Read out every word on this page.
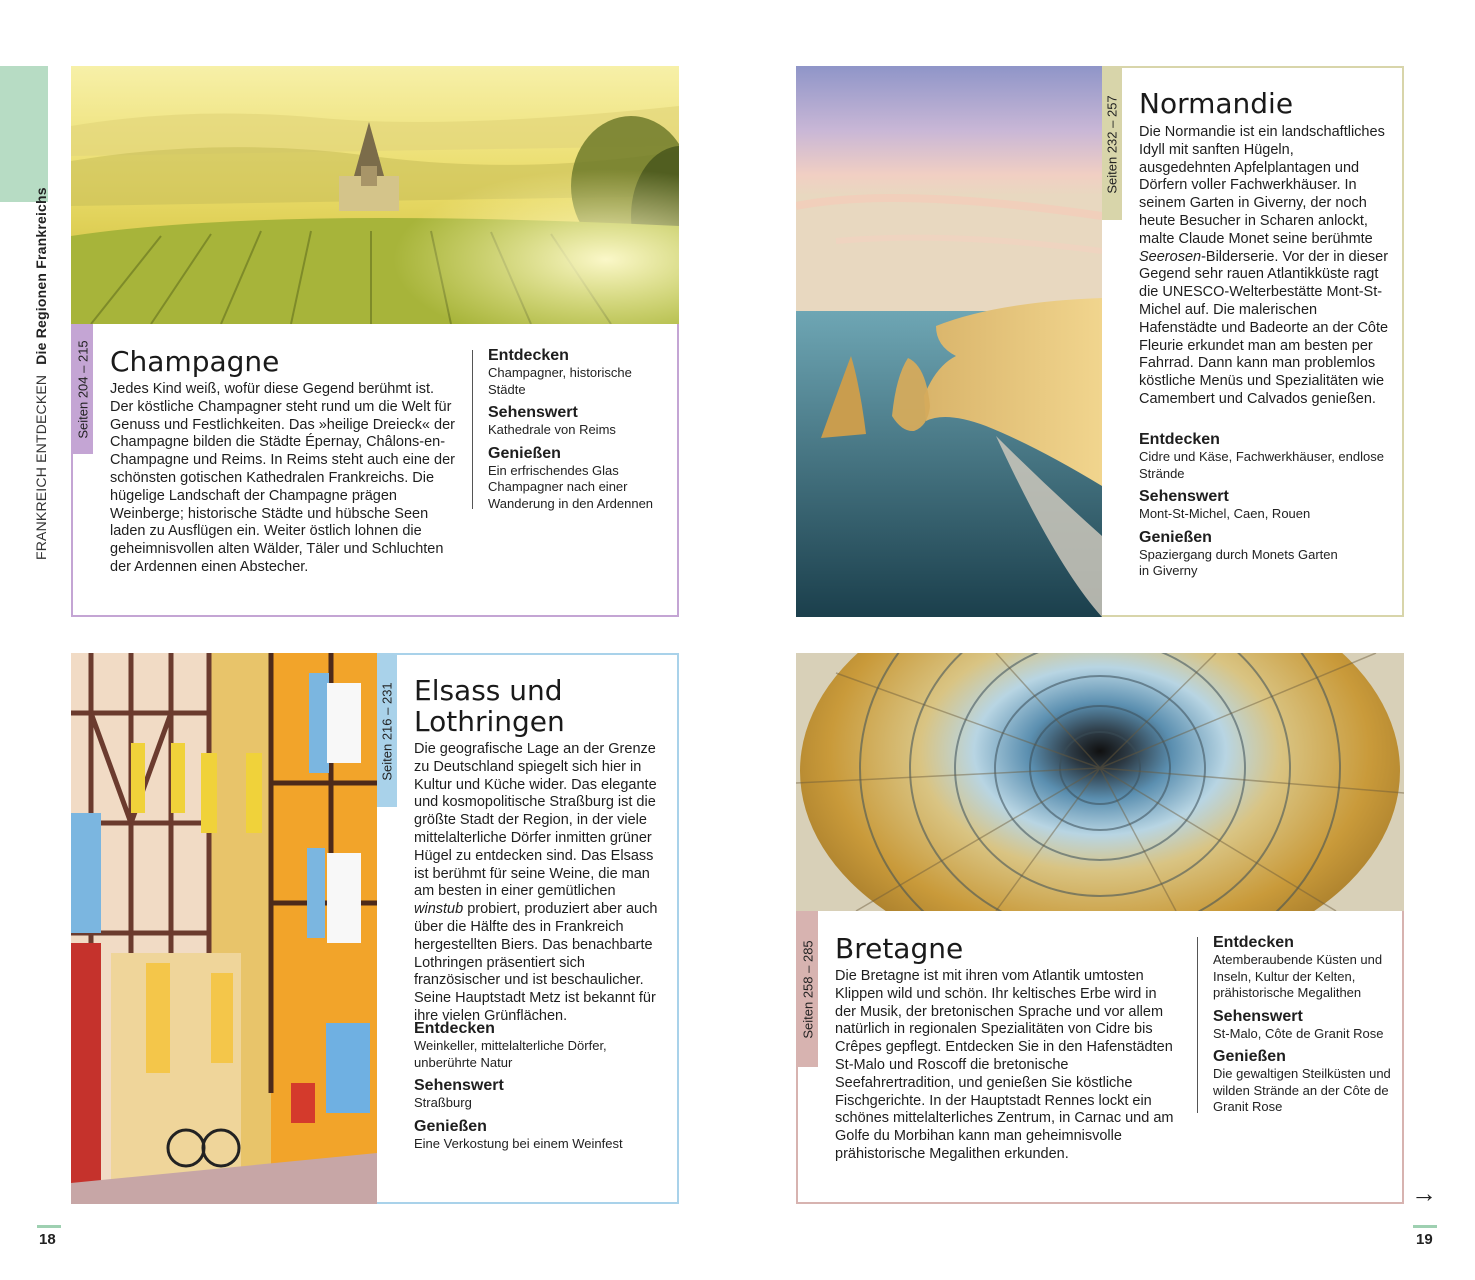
FRANKREICH ENTDECKENDie Regionen Frankreichs
Seiten 204 – 215 Champagne

Jedes Kind weiß, wofür diese Gegend berühmt ist. Der köstliche Champagner steht rund um die Welt für Genuss und Festlichkeiten. Das »heilige Dreieck« der Champagne bilden die Städte Épernay, Châlons-en-Champagne und Reims. In Reims steht auch eine der schönsten gotischen Kathedralen Frankreichs. Die hügelige Landschaft der Champagne prägen Weinberge; historische Städte und hübsche Seen laden zu Ausflügen ein. Weiter östlich lohnen die geheimnisvollen alten Wälder, Täler und Schluchten der Ardennen einen Abstecher.

Entdecken

Champagner, historische Städte

Sehenswert

Kathedrale von Reims

Genießen

Ein erfrischendes Glas Champagner nach einer Wanderung in den Ardennen

Seiten 232 – 257 Normandie

Die Normandie ist ein landschaftliches Idyll mit sanften Hügeln, ausgedehnten Apfelplantagen und Dörfern voller Fachwerkhäuser. In seinem Garten in Giverny, der noch heute Besucher in Scharen anlockt, malte Claude Monet seine berühmte Seerosen-Bilderserie. Vor der in dieser Gegend sehr rauen Atlantikküste ragt die UNESCO-Welterbestätte Mont-St-Michel auf. Die malerischen Hafenstädte und Badeorte an der Côte Fleurie erkundet man am besten per Fahrrad. Dann kann man problemlos köstliche Menüs und Spezialitäten wie Camembert und Calvados genießen.

Entdecken

Cidre und Käse, Fachwerkhäuser, endlose Strände

Sehenswert

Mont-St-Michel, Caen, Rouen

Genießen

Spaziergang durch Monets Garten in Giverny

Seiten 216 – 231 Elsass und
Lothringen

Die geografische Lage an der Grenze zu Deutschland spiegelt sich hier in Kultur und Küche wider. Das elegante und kosmopolitische Straßburg ist die größte Stadt der Region, in der viele mittelalterliche Dörfer inmitten grüner Hügel zu entdecken sind. Das Elsass ist berühmt für seine Weine, die man am besten in einer gemütlichen winstub probiert, produziert aber auch über die Hälfte des in Frankreich hergestellten Biers. Das benachbarte Lothringen präsentiert sich französischer und ist beschaulicher. Seine Hauptstadt Metz ist bekannt für ihre vielen Grünflächen.

Entdecken

Weinkeller, mittelalterliche Dörfer, unberührte Natur

Sehenswert

Straßburg

Genießen

Eine Verkostung bei einem Weinfest

Seiten 258 – 285 Bretagne

Die Bretagne ist mit ihren vom Atlantik umtosten Klippen wild und schön. Ihr keltisches Erbe wird in der Musik, der bretonischen Sprache und vor allem natürlich in regionalen Spezialitäten von Cidre bis Crêpes gepflegt. Entdecken Sie in den Hafenstädten St-Malo und Roscoff die bretonische Seefahrertradition, und genießen Sie köstliche Fischgerichte. In der Hauptstadt Rennes lockt ein schönes mittelalterliches Zentrum, in Carnac und am Golfe du Morbihan kann man geheimnisvolle prähistorische Megalithen erkunden.

Entdecken

Atemberaubende Küsten und Inseln, Kultur der Kelten, prähistorische Megalithen

Sehenswert

St-Malo, Côte de Granit Rose

Genießen

Die gewaltigen Steilküsten und wilden Strände an der Côte de Granit Rose

18	19
→
